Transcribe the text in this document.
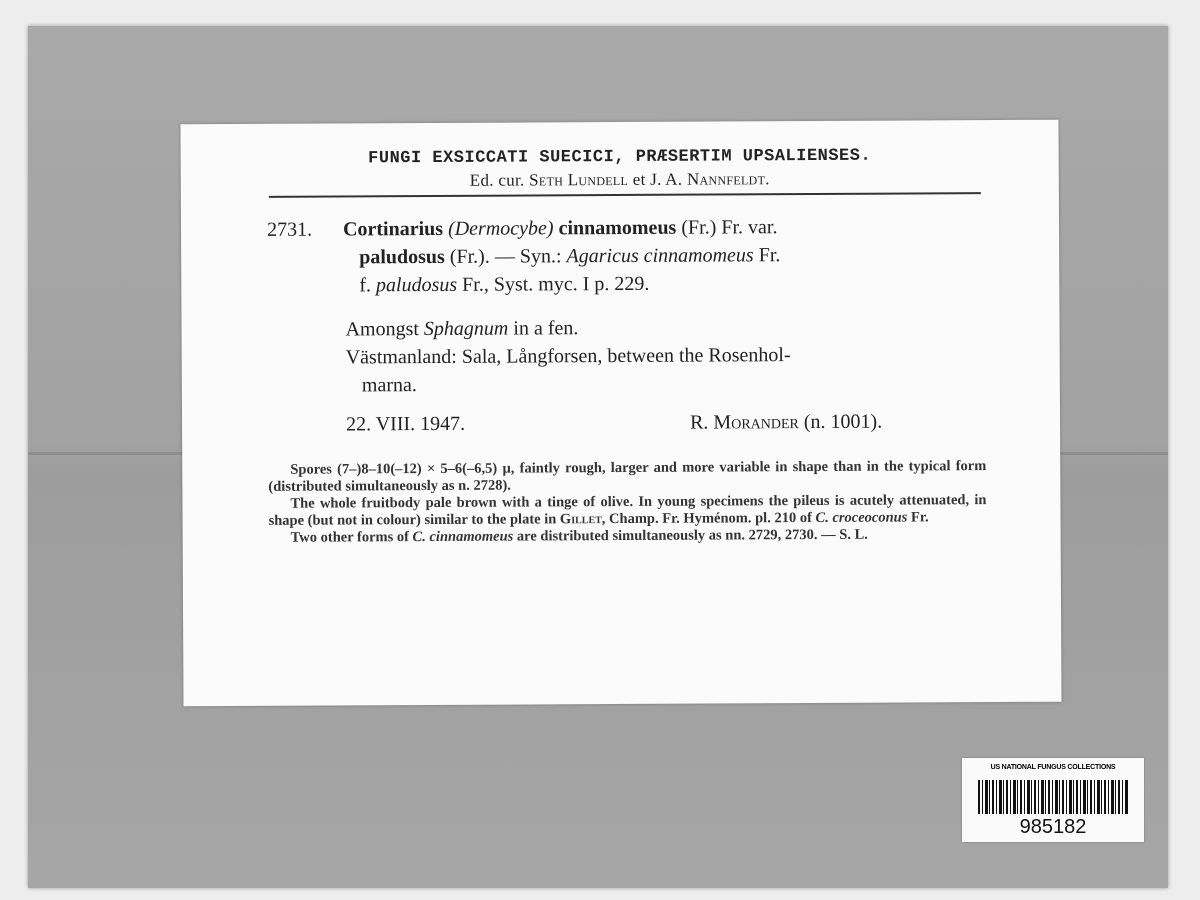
FUNGI EXSICCATI SUECICI, PRÆSERTIM UPSALIENSES.
Ed. cur. Seth Lundell et J. A. Nannfeldt.
2731. Cortinarius (Dermocybe) cinnamomeus (Fr.) Fr. var.
paludosus (Fr.). — Syn.: Agaricus cinnamomeus Fr.
f. paludosus Fr., Syst. myc. I p. 229.
Amongst Sphagnum in a fen.
Västmanland: Sala, Långforsen, between the Rosenhol-
marna.
22. VIII. 1947.	R. Morander (n. 1001).

Spores (7–)8–10(–12) × 5–6(–6,5) µ, faintly rough, larger and more variable in shape than in the typical form (distributed simultaneously as n. 2728).

The whole fruitbody pale brown with a tinge of olive. In young specimens the pileus is acutely attenuated, in shape (but not in colour) similar to the plate in Gillet, Champ. Fr. Hyménom. pl. 210 of C. croceoconus Fr.

Two other forms of C. cinnamomeus are distributed simultaneously as nn. 2729, 2730. — S. L.

US NATIONAL FUNGUS COLLECTIONS
985182
